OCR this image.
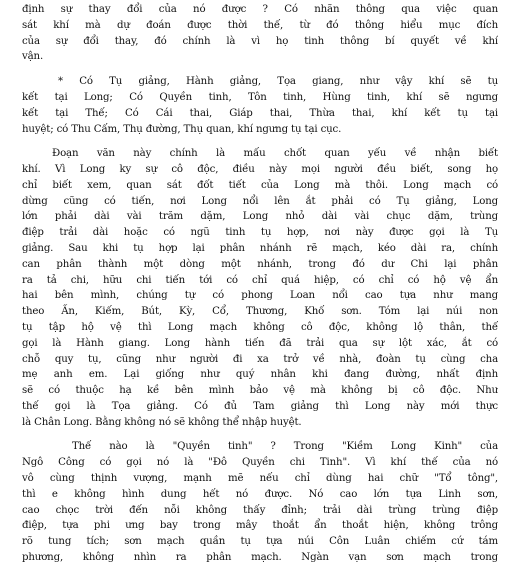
định sự thay đổi của nó được ? Có nhãn thông qua việc quan
sát khí mà dự đoán được thời thế, từ đó thông hiểu mục đích
của sự đổi thay, đó chính là vì họ tinh thông bí quyết về khí
vận.
* Có Tụ giảng, Hành giảng, Tọa giang, như vậy khí sẽ tụ
kết tại Long; Có Quyền tinh, Tôn tinh, Hùng tinh, khí sẽ ngưng
kết tại Thế; Có Cái thai, Giáp thai, Thừa thai, khí kết tụ tại
huyệt; có Thu Cấm, Thụ đường, Thụ quan, khí ngưng tụ tại cục.
Đoạn văn này chính là mấu chốt quan yếu về nhận biết
khí. Vì Long ky sự cô độc, điều này mọi người đều biết, song họ
chỉ biết xem, quan sát đốt tiết của Long mà thôi. Long mạch có
dừng cũng có tiến, nơi Long nổi lên ắt phải có Tụ giảng, Long
lớn phải dài vài trăm dặm, Long nhỏ dài vài chục dặm, trùng
điệp trải dài hoặc có ngũ tinh tụ hợp, nơi này được gọi là Tụ
giảng. Sau khi tụ hợp lại phân nhánh rẽ mạch, kéo dài ra, chính
can phân thành một dòng một nhánh, trong đó dư Chi lại phân
ra tả chi, hữu chi tiến tới có chỉ quá hiệp, có chỉ có hộ vệ ẩn
hai bên mình, chúng tự có phong Loan nổi cao tựa như mang
theo Ấn, Kiếm, Bút, Kỳ, Cổ, Thương, Khố sơn. Tóm lại núi non
tụ tập hộ vệ thì Long mạch không cô độc, không lộ thân, thế
gọi là Hành giang. Long hành tiến đã trải qua sự lột xác, ắt có
chỗ quy tụ, cũng như người đi xa trở về nhà, đoàn tụ cùng cha
mẹ anh em. Lại giống như quý nhân khi đang đường, nhất định
sẽ có thuộc hạ kề bên mình bảo vệ mà không bị cô độc. Như
thế gọi là Tọa giảng. Có đủ Tam giảng thì Long này mới thực
là Chân Long. Bằng không nó sẽ không thể nhập huyệt.
Thế nào là "Quyền tinh" ? Trong "Kiềm Long Kinh" của
Ngô Công có gọi nó là "Đô Quyền chi Tinh". Vì khí thế của nó
vô cùng thịnh vượng, mạnh mẽ nếu chỉ dùng hai chữ "Tổ tông",
thì e không hình dung hết nó được. Nó cao lớn tựa Linh sơn,
cao chọc trời đến nỗi không thấy đỉnh; trải dài trùng trùng điệp
điệp, tựa phi ưng bay trong mây thoắt ẩn thoắt hiện, không trông
rõ tung tích; sơn mạch quần tụ tựa núi Côn Luân chiếm cứ tám
phương, không nhìn ra phân mạch. Ngàn vạn sơn mạch trong
